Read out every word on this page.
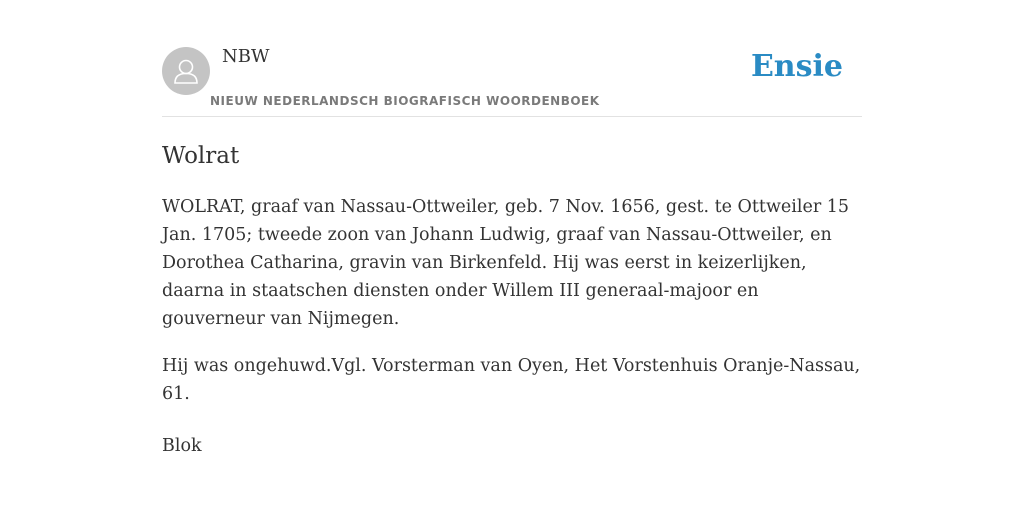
NBW
NIEUW NEDERLANDSCH BIOGRAFISCH WOORDENBOEK
Ensie
Wolrat

WOLRAT, graaf van Nassau-Ottweiler, geb. 7 Nov. 1656, gest. te Ottweiler 15 Jan. 1705; tweede zoon van Johann Ludwig, graaf van Nassau-Ottweiler, en Dorothea Catharina, gravin van Birkenfeld. Hij was eerst in keizerlijken, daarna in staatschen diensten onder Willem III generaal-majoor en gouverneur van Nijmegen.

Hij was ongehuwd.Vgl. Vorsterman van Oyen, Het Vorstenhuis Oranje-Nassau, 61.

Blok
